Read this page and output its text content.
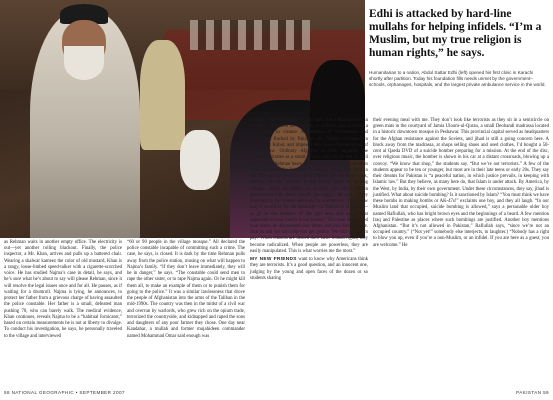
Edhi is attacked by hard-line mullahs for helping infidels. “I’m a Muslim, but my true religion is human rights,” he says.
Humanitarian to a nation, Abdul Sattar Edhi (left) opened his first clinic in Karachi shortly after partition. Today his foundation fills needs unmet by the government–schools, orphanages, hospitals, and the largest private ambulance service in the world.

as Rehman waits in another empty office. The electricity is out—yet another rolling blackout. Finally, the police inspector, a Mr. Khan, arrives and pulls up a battered chair. Wearing a shalwar kameez the color of old mustard, Khan is a rangy, loose-limbed speed-talker with a cigarette-scorched voice. He has studied Najma’s case in detail, he says, and he’s sure what he’s about to say will please Rehman, since it will resolve the legal issues once and for all. He pauses, as if waiting for a drumroll. Najma is lying, he announces, to protect her father from a grievous charge of having assaulted the police constable. Her father is a small, defeated man pushing 70, who can barely walk. The medical evidence, Khan continues, reveals Najma to be a “habitual fornicator,” based on certain measurements he is not at liberty to divulge. To conduct his investigation, he says, he personally traveled to the village and interviewed

“60 or 90 people in the village mosque.” All declared the police constable incapable of committing such a crime. The case, he says, is closed. It is dark by the time Rehman pulls away from the police station, musing on what will happen to Najma’s family. “If they don’t leave immediately, they will be in danger,” he says. “The constable could send men to rape the other sister, or to rape Najma again. Or he might kill them all, to make an example of them or to punish them for going to the police.” It was a similar lawlessness that drove the people of Afghanistan into the arms of the Taliban in the mid-1990s. The country was then in the midst of a civil war and overrun by warlords, who grew rich on the opium trade, terrorized the countryside, and kidnapped and raped the sons and daughters of any poor farmer they chose. One day near Kandahar, a mullah and former mujahideen commander named Mohammad Omar said enough was

enough. With the Koran in one hand and a Kalashnikov in the other, he rallied his students, or talibans, and launched a new jihad: to cleanse Afghanistan of lawlessness and corruption. Backed by Pakistan, the Taliban triumphed in 1996, took Kabul, and imposed their own extreme vision of Islamic law. Ordinary Afghans, at first, regarded the Taliban’s dictates as a small price to pay for an end to civil war. Rashid Rehman hears stories such as Najma’s and fears what lies ahead for Pakistan. To the cut on his way back to his office on the Punjabi city of Multan, he sits in the dark, looking out the window at the feeble lights of passing villages. When he speaks, he is calm and clean. “When government fails them, people get angry,” he says. “They lose faith in the system and look for alternatives. Think how easy it would be for the Islamists—or Taliban or al Qaeda—to go to the brothers of this girl now and say, ‘What happened to your family is not justice.’ This man dishonored your sister, he dishonored your father and your family name. Join us and we will help you get justice. We will make him pay.’ When citizens are denied their basic human rights, they become radicalized. When people are powerless, they are easily manipulated. This is what worries me the most.”

MY NEW FRIENDS want to know why Americans think they are terrorists. It’s a good question, and an innocent one, judging by the young and open faces of the dozen or so students sharing

their evening meal with me. They don’t look like terrorists as they sit in a semicircle on green mats in the courtyard of Jamia Uloom-ul-Quran, a small Deobandi madrassa located in a historic downtown mosque in Peshawar. This provincial capital served as headquarters for the Afghan resistance against the Soviets, and jihad is still a going concern here. A block away from the madrassa, at shops selling shoes and used clothes, I’d bought a 50-cent al Qaeda DVD of a suicide bomber preparing for a mission. At the end of the disc, over religious music, the bomber is shown in his car at a distant crossroads, blowing up a convoy. “We know that shop,” the students say. “But we’re not terrorists.” A few of the students appear to be ten or younger, but most are in their late teens or early 20s. They say their dreams for Pakistan is “a peaceful nation, in which justice prevails, in keeping with Islamic law.” But they believe, as many here do, that Islam is under attack. By America, by the West, by India, by their own government. Under these circumstances, they say, jihad is justified. What about suicide bombing? Is it sanctioned by Islam? “You must think we have these bombs in making bombs or AK-47s!” exclaims one boy, and they all laugh. “In our Muslim land that occupied, suicide bombing is allowed,” says a personable older boy named Rafiullah, who has bright brown eyes and the beginnings of a beard. A few mention Iraq and Palestine as places where such bombings are justified. Another boy mentions Afghanistan. “But it’s not allowed in Pakistan,” Rafiullah says, “since we’re not an occupied country.” (“Not yet!” somebody else interjects, to laughter.) “Nobody has a right to blow you up, even if you’re a non-Muslim, or an infidel. If you are here as a guest, you are welcome.” He

58 NATIONAL GEOGRAPHIC • SEPTEMBER 2007	PAKISTAN 59
